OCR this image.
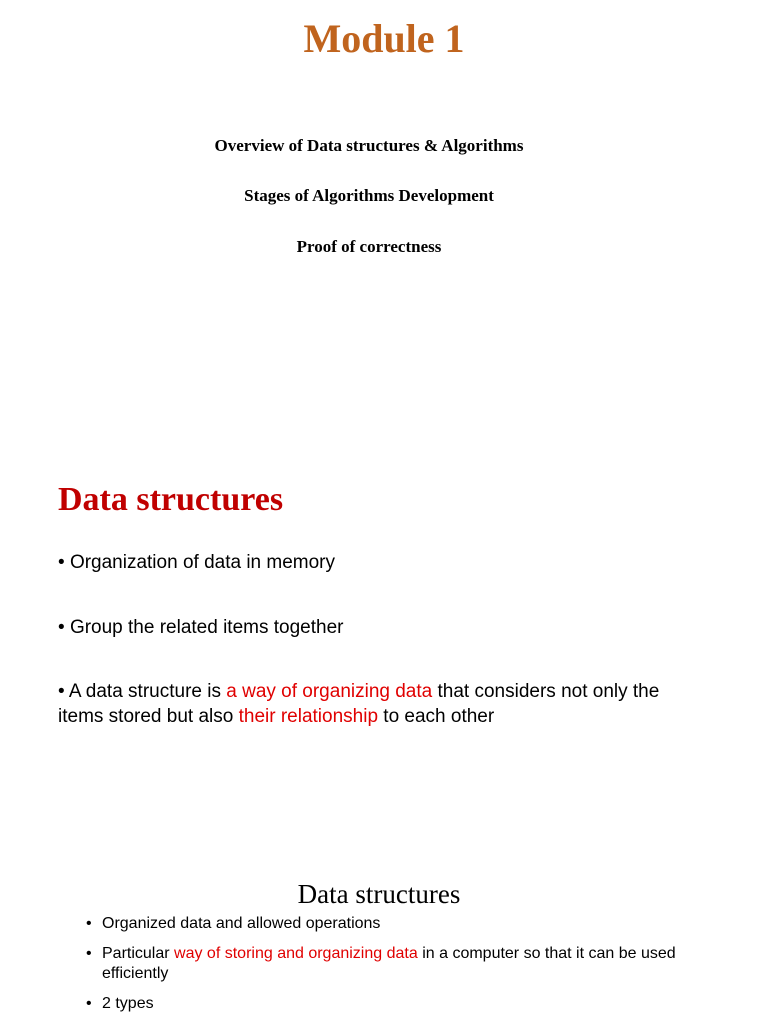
Module 1

Overview of Data structures & Algorithms

Stages of Algorithms Development

Proof of correctness

Data structures

• Organization of data in memory

• Group the related items together

• A data structure is a way of organizing data that considers not only the items stored but also their relationship to each other

Data structures
• Organized data and allowed operations
• Particular way of storing and organizing data in a computer so that it can be used efficiently
• 2 types
